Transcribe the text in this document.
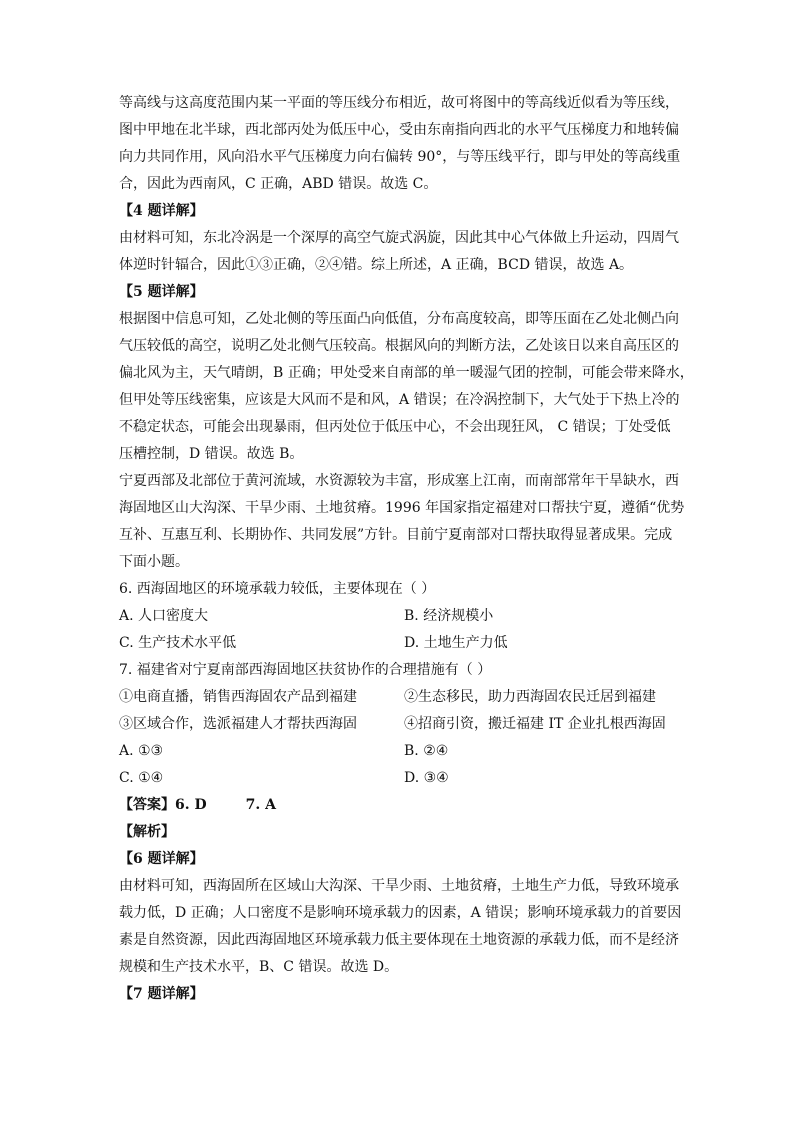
等高线与这高度范围内某一平面的等压线分布相近，故可将图中的等高线近似看为等压线，
图中甲地在北半球，西北部丙处为低压中心，受由东南指向西北的水平气压梯度力和地转偏
向力共同作用，风向沿水平气压梯度力向右偏转 90°，与等压线平行，即与甲处的等高线重
合，因此为西南风，C 正确，ABD 错误。故选 C。
【4 题详解】
由材料可知，东北冷涡是一个深厚的高空气旋式涡旋，因此其中心气体做上升运动，四周气
体逆时针辐合，因此①③正确，②④错。综上所述，A 正确，BCD 错误，故选 A。
【5 题详解】
根据图中信息可知，乙处北侧的等压面凸向低值，分布高度较高，即等压面在乙处北侧凸向
气压较低的高空，说明乙处北侧气压较高。根据风向的判断方法，乙处该日以来自高压区的
偏北风为主，天气晴朗，B 正确；甲处受来自南部的单一暖湿气团的控制，可能会带来降水，
但甲处等压线密集，应该是大风而不是和风，A 错误；在冷涡控制下，大气处于下热上冷的
不稳定状态，可能会出现暴雨，但丙处位于低压中心，不会出现狂风， C 错误；丁处受低
压槽控制，D 错误。故选 B。
宁夏西部及北部位于黄河流域，水资源较为丰富，形成塞上江南，而南部常年干旱缺水，西
海固地区山大沟深、干旱少雨、土地贫瘠。1996 年国家指定福建对口帮扶宁夏，遵循“优势
互补、互惠互利、长期协作、共同发展”方针。目前宁夏南部对口帮扶取得显著成果。完成
下面小题。
6. 西海固地区的环境承载力较低，主要体现在（ ）
A. 人口密度大	B. 经济规模小
C. 生产技术水平低	D. 土地生产力低
7. 福建省对宁夏南部西海固地区扶贫协作的合理措施有（ ）
①电商直播，销售西海固农产品到福建	②生态移民，助力西海固农民迁居到福建
③区域合作，选派福建人才帮扶西海固	④招商引资，搬迁福建 IT 企业扎根西海固
A. ①③	B. ②④
C. ①④	D. ③④
【答案】6. D        7. A
【解析】
【6 题详解】
由材料可知，西海固所在区域山大沟深、干旱少雨、土地贫瘠，土地生产力低，导致环境承
载力低，D 正确；人口密度不是影响环境承载力的因素，A 错误；影响环境承载力的首要因
素是自然资源，因此西海固地区环境承载力低主要体现在土地资源的承载力低，而不是经济
规模和生产技术水平，B、C 错误。故选 D。
【7 题详解】
